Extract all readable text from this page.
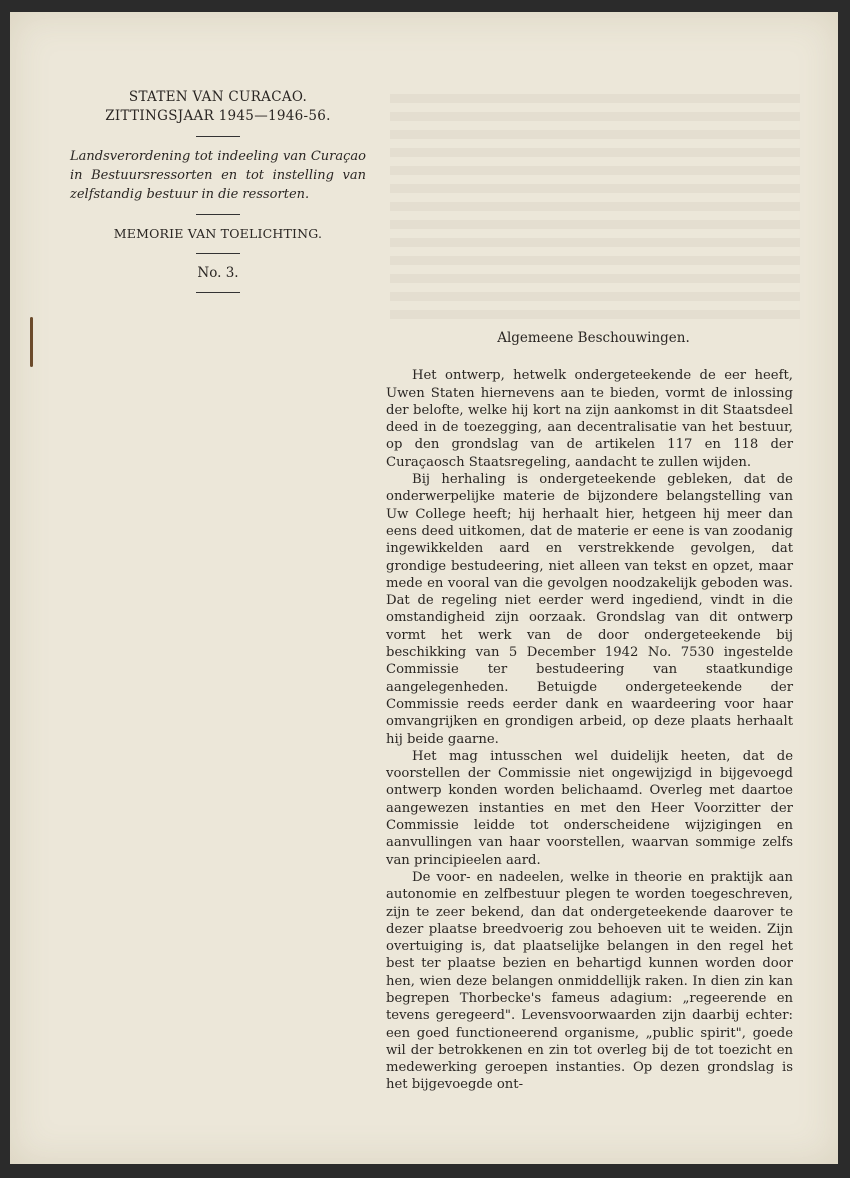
STATEN VAN CURACAO.
ZITTINGSJAAR 1945—1946-56.
Landsverordening tot indeeling van Curaçao in Bestuursressorten en tot instelling van zelfstandig bestuur in die ressorten.
MEMORIE VAN TOELICHTING.
No. 3.
Algemeene Beschouwingen.

Het ontwerp, hetwelk ondergeteekende de eer heeft, Uwen Staten hiernevens aan te bieden, vormt de inlossing der belofte, welke hij kort na zijn aankomst in dit Staatsdeel deed in de toezegging, aan decentralisatie van het bestuur, op den grondslag van de artikelen 117 en 118 der Curaçaosch Staatsregeling, aandacht te zullen wijden.

Bij herhaling is ondergeteekende gebleken, dat de onderwerpelijke materie de bijzondere belangstelling van Uw College heeft; hij herhaalt hier, hetgeen hij meer dan eens deed uitkomen, dat de materie er eene is van zoodanig ingewikkelden aard en verstrekkende gevolgen, dat grondige bestudeering, niet alleen van tekst en opzet, maar mede en vooral van die gevolgen noodzakelijk geboden was. Dat de regeling niet eerder werd ingediend, vindt in die omstandigheid zijn oorzaak. Grondslag van dit ontwerp vormt het werk van de door ondergeteekende bij beschikking van 5 December 1942 No. 7530 ingestelde Commissie ter bestudeering van staatkundige aangelegenheden. Betuigde ondergeteekende der Commissie reeds eerder dank en waardeering voor haar omvangrijken en grondigen arbeid, op deze plaats herhaalt hij beide gaarne.

Het mag intusschen wel duidelijk heeten, dat de voorstellen der Commissie niet ongewijzigd in bijgevoegd ontwerp konden worden belichaamd. Overleg met daartoe aangewezen instanties en met den Heer Voorzitter der Commissie leidde tot onderscheidene wijzigingen en aanvullingen van haar voorstellen, waarvan sommige zelfs van principieelen aard.

De voor- en nadeelen, welke in theorie en praktijk aan autonomie en zelfbestuur plegen te worden toegeschreven, zijn te zeer bekend, dan dat ondergeteekende daarover te dezer plaatse breedvoerig zou behoeven uit te weiden. Zijn overtuiging is, dat plaatselijke belangen in den regel het best ter plaatse bezien en behartigd kunnen worden door hen, wien deze belangen onmiddellijk raken. In dien zin kan begrepen Thorbecke's fameus adagium: „regeerende en tevens geregeerd". Levensvoorwaarden zijn daarbij echter: een goed functioneerend organisme, „public spirit", goede wil der betrokkenen en zin tot overleg bij de tot toezicht en medewerking geroepen instanties. Op dezen grondslag is het bijgevoegde ont-
